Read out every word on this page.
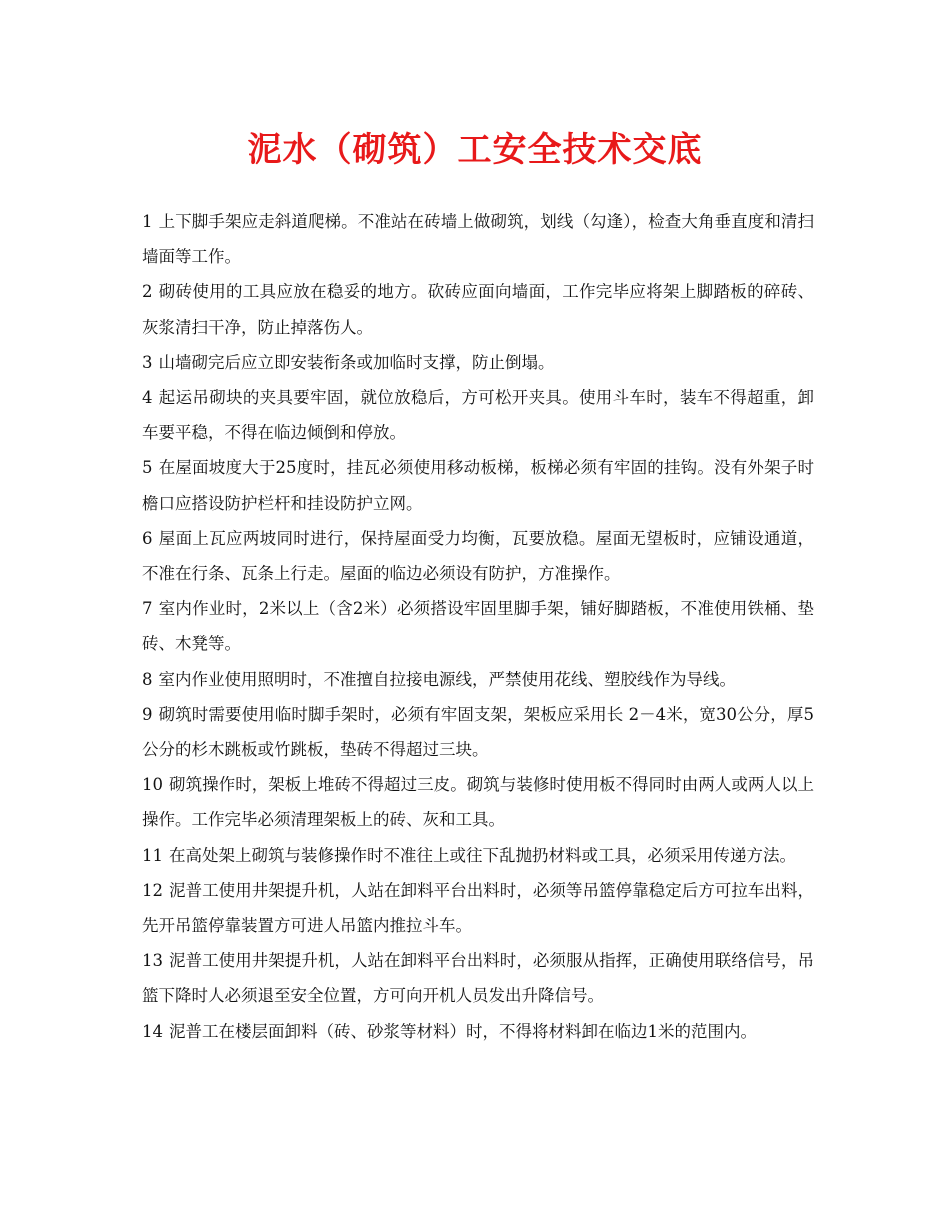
泥水（砌筑）工安全技术交底

1 上下脚手架应走斜道爬梯。不准站在砖墙上做砌筑，划线（勾逢），检查大角垂直度和清扫墙面等工作。

2 砌砖使用的工具应放在稳妥的地方。砍砖应面向墙面，工作完毕应将架上脚踏板的碎砖、灰浆清扫干净，防止掉落伤人。

3 山墙砌完后应立即安装衔条或加临时支撑，防止倒塌。

4 起运吊砌块的夹具要牢固，就位放稳后，方可松开夹具。使用斗车时，装车不得超重，卸车要平稳，不得在临边倾倒和停放。

5 在屋面坡度大于25度时，挂瓦必须使用移动板梯，板梯必须有牢固的挂钩。没有外架子时檐口应搭设防护栏杆和挂设防护立网。

6 屋面上瓦应两坡同时进行，保持屋面受力均衡，瓦要放稳。屋面无望板时，应铺设通道，不准在行条、瓦条上行走。屋面的临边必须设有防护，方准操作。

7 室内作业时，2米以上（含2米）必须搭设牢固里脚手架，铺好脚踏板，不准使用铁桶、垫砖、木凳等。

8 室内作业使用照明时，不准擅自拉接电源线，严禁使用花线、塑胶线作为导线。

9 砌筑时需要使用临时脚手架时，必须有牢固支架，架板应采用长 2－4米，宽30公分，厚5公分的杉木跳板或竹跳板，垫砖不得超过三块。

10 砌筑操作时，架板上堆砖不得超过三皮。砌筑与装修时使用板不得同时由两人或两人以上操作。工作完毕必须清理架板上的砖、灰和工具。

11 在高处架上砌筑与装修操作时不准往上或往下乱抛扔材料或工具，必须采用传递方法。

12 泥普工使用井架提升机，人站在卸料平台出料时，必须等吊篮停靠稳定后方可拉车出料，先开吊篮停靠装置方可进人吊篮内推拉斗车。

13 泥普工使用井架提升机，人站在卸料平台出料时，必须服从指挥，正确使用联络信号，吊篮下降时人必须退至安全位置，方可向开机人员发出升降信号。

14 泥普工在楼层面卸料（砖、砂浆等材料）时，不得将材料卸在临边1米的范围内。
